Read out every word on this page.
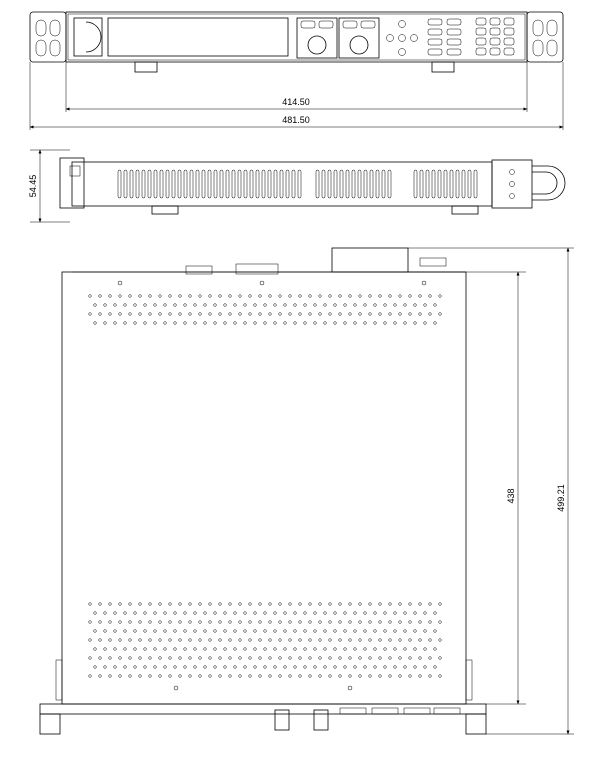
414.50
481.50
54.45
438	499.21
